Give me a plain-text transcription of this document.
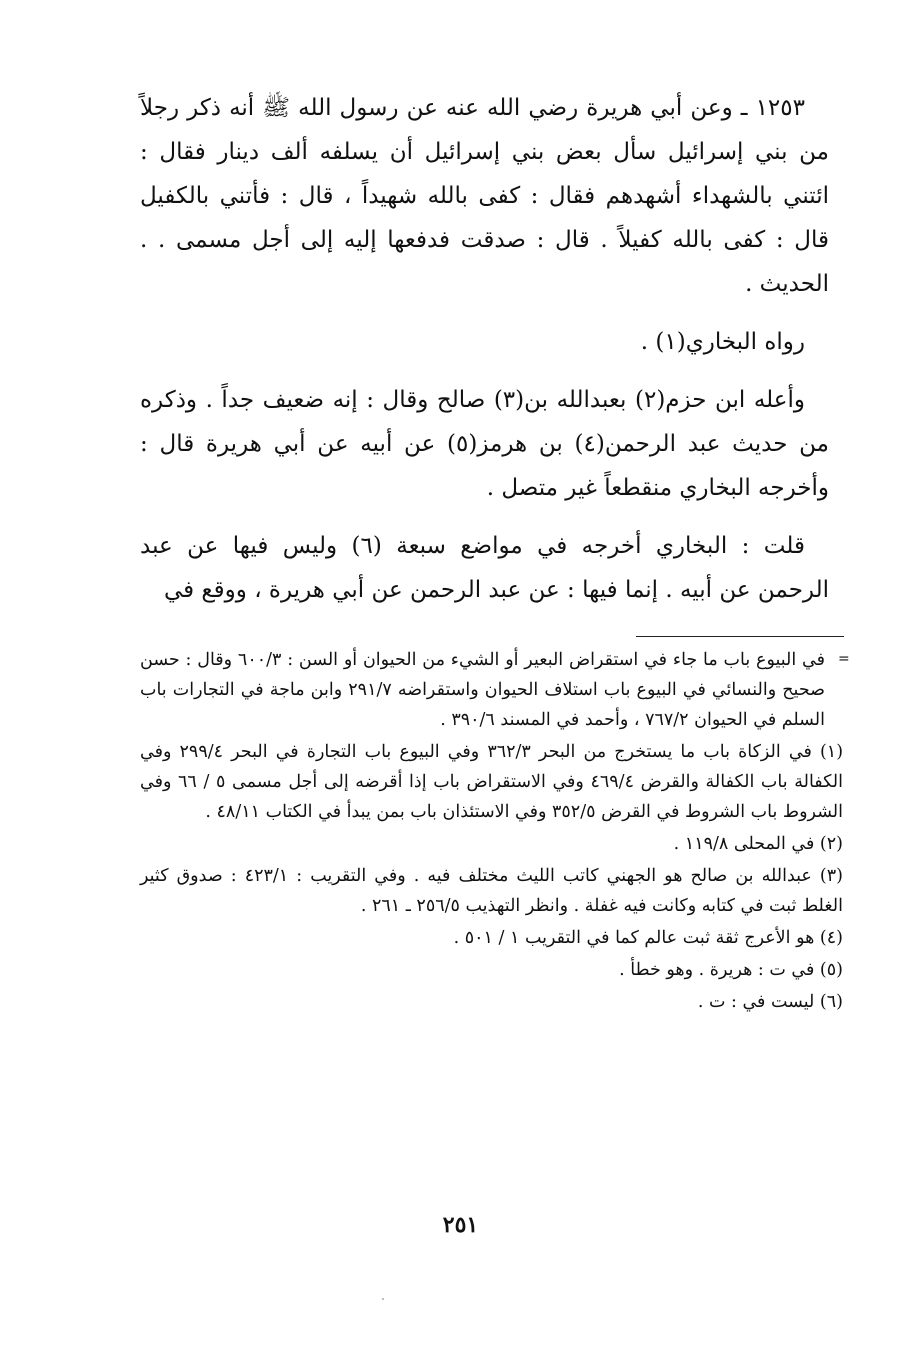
١٢٥٣ ـ وعن أبي هريرة رضي الله عنه عن رسول الله ﷺ أنه ذكر رجلاً من بني إسرائيل سأل بعض بني إسرائيل أن يسلفه ألف دينار فقال : ائتني بالشهداء أشهدهم فقال : كفى بالله شهيداً ، قال : فأتني بالكفيل قال : كفى بالله كفيلاً . قال : صدقت فدفعها إليه إلى أجل مسمى . . الحديث .

رواه البخاري(١) .

وأعله ابن حزم(٢) بعبدالله بن(٣) صالح وقال : إنه ضعيف جداً . وذكره من حديث عبد الرحمن(٤) بن هرمز(٥) عن أبيه عن أبي هريرة قال : وأخرجه البخاري منقطعاً غير متصل .

قلت : البخاري أخرجه في مواضع سبعة (٦) وليس فيها عن عبد الرحمن عن أبيه . إنما فيها : عن عبد الرحمن عن أبي هريرة ، ووقع في

=

في البيوع باب ما جاء في استقراض البعير أو الشيء من الحيوان أو السن : ٦٠٠/٣ وقال : حسن صحيح والنسائي في البيوع باب استلاف الحيوان واستقراضه ٢٩١/٧ وابن ماجة في التجارات باب السلم في الحيوان ٧٦٧/٢ ، وأحمد في المسند ٣٩٠/٦ .

(١) في الزكاة باب ما يستخرج من البحر ٣٦٢/٣ وفي البيوع باب التجارة في البحر ٢٩٩/٤ وفي الكفالة باب الكفالة والقرض ٤٦٩/٤ وفي الاستقراض باب إذا أقرضه إلى أجل مسمى ٥ / ٦٦ وفي الشروط باب الشروط في القرض ٣٥٢/٥ وفي الاستئذان باب بمن يبدأ في الكتاب ٤٨/١١ .

(٢) في المحلى ١١٩/٨ .

(٣) عبدالله بن صالح هو الجهني كاتب الليث مختلف فيه . وفي التقريب : ٤٢٣/١ : صدوق كثير الغلط ثبت في كتابه وكانت فيه غفلة . وانظر التهذيب ٢٥٦/٥ ـ ٢٦١ .

(٤) هو الأعرج ثقة ثبت عالم كما في التقريب ١ / ٥٠١ .

(٥) في ت : هريرة . وهو خطأ .

(٦) ليست في : ت .

٢٥١
